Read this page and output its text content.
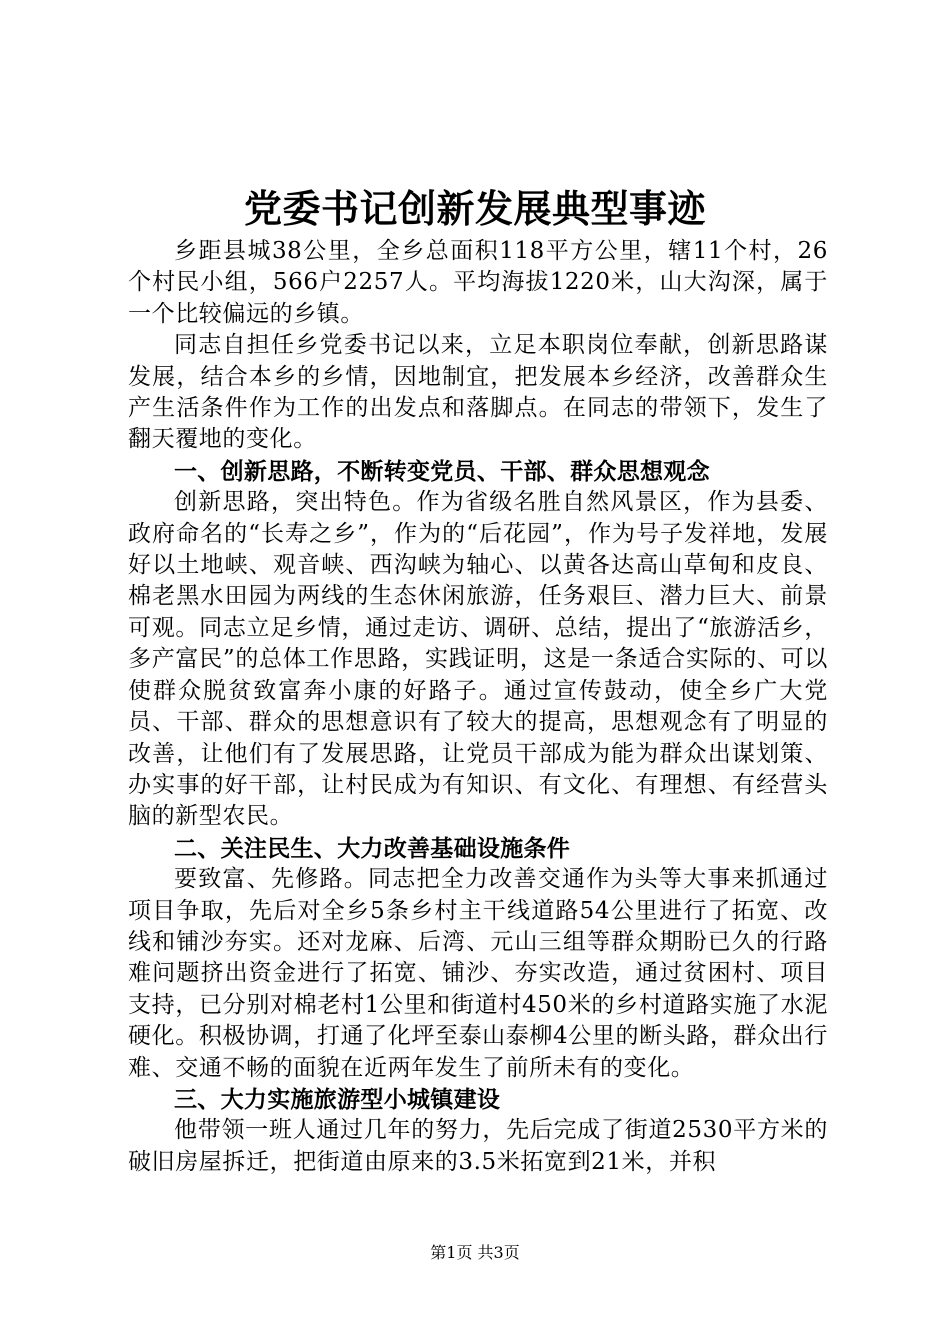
党委书记创新发展典型事迹

乡距县城38公里，全乡总面积118平方公里，辖11个村，26个村民小组，566户2257人。平均海拔1220米，山大沟深，属于一个比较偏远的乡镇。

同志自担任乡党委书记以来，立足本职岗位奉献，创新思路谋发展，结合本乡的乡情，因地制宜，把发展本乡经济，改善群众生产生活条件作为工作的出发点和落脚点。在同志的带领下，发生了翻天覆地的变化。

一、创新思路，不断转变党员、干部、群众思想观念

创新思路，突出特色。作为省级名胜自然风景区，作为县委、政府命名的“长寿之乡”，作为的“后花园”，作为号子发祥地，发展好以土地峡、观音峡、西沟峡为轴心、以黄各达高山草甸和皮良、棉老黑水田园为两线的生态休闲旅游，任务艰巨、潜力巨大、前景可观。同志立足乡情，通过走访、调研、总结，提出了“旅游活乡，多产富民”的总体工作思路，实践证明，这是一条适合实际的、可以使群众脱贫致富奔小康的好路子。通过宣传鼓动，使全乡广大党员、干部、群众的思想意识有了较大的提高，思想观念有了明显的改善，让他们有了发展思路，让党员干部成为能为群众出谋划策、办实事的好干部，让村民成为有知识、有文化、有理想、有经营头脑的新型农民。

二、关注民生、大力改善基础设施条件

要致富、先修路。同志把全力改善交通作为头等大事来抓通过项目争取，先后对全乡5条乡村主干线道路54公里进行了拓宽、改线和铺沙夯实。还对龙麻、后湾、元山三组等群众期盼已久的行路难问题挤出资金进行了拓宽、铺沙、夯实改造，通过贫困村、项目支持，已分别对棉老村1公里和街道村450米的乡村道路实施了水泥硬化。积极协调，打通了化坪至泰山泰柳4公里的断头路，群众出行难、交通不畅的面貌在近两年发生了前所未有的变化。

三、大力实施旅游型小城镇建设

他带领一班人通过几年的努力，先后完成了街道2530平方米的破旧房屋拆迁，把街道由原来的3.5米拓宽到21米，并积

第1页 共3页
